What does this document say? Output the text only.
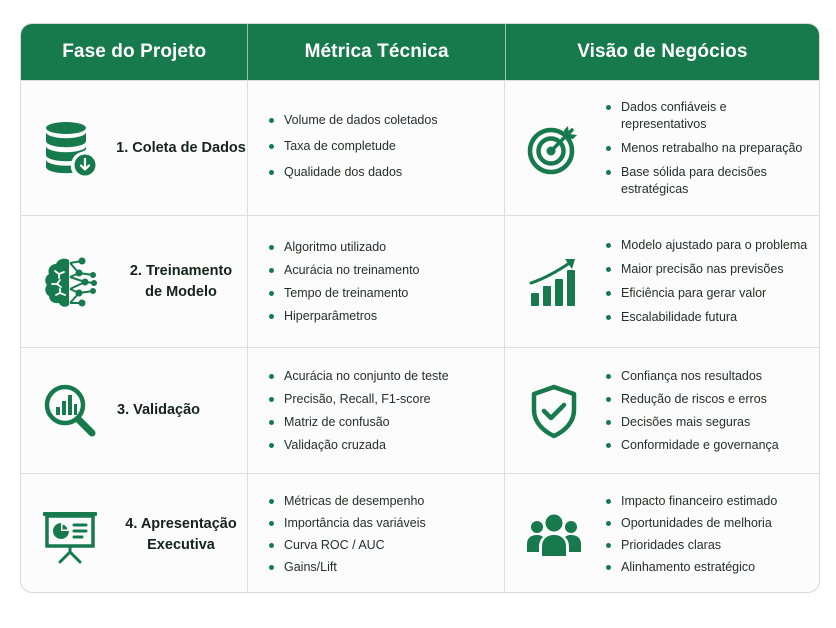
Fase do Projeto	Métrica Técnica	Visão de Negócios
1. Coleta de Dados
Volume de dados coletados
Taxa de completude
Qualidade dos dados
Dados confiáveis e representativos
Menos retrabalho na preparação
Base sólida para decisões estratégicas
2. Treinamento
de Modelo
Algoritmo utilizado
Acurácia no treinamento
Tempo de treinamento
Hiperparâmetros
Modelo ajustado para o problema
Maior precisão nas previsões
Eficiência para gerar valor
Escalabilidade futura
3. Validação
Acurácia no conjunto de teste
Precisão, Recall, F1-score
Matriz de confusão
Validação cruzada
Confiança nos resultados
Redução de riscos e erros
Decisões mais seguras
Conformidade e governança
4. Apresentação
Executiva
Métricas de desempenho
Importância das variáveis
Curva ROC / AUC
Gains/Lift
Impacto financeiro estimado
Oportunidades de melhoria
Prioridades claras
Alinhamento estratégico
